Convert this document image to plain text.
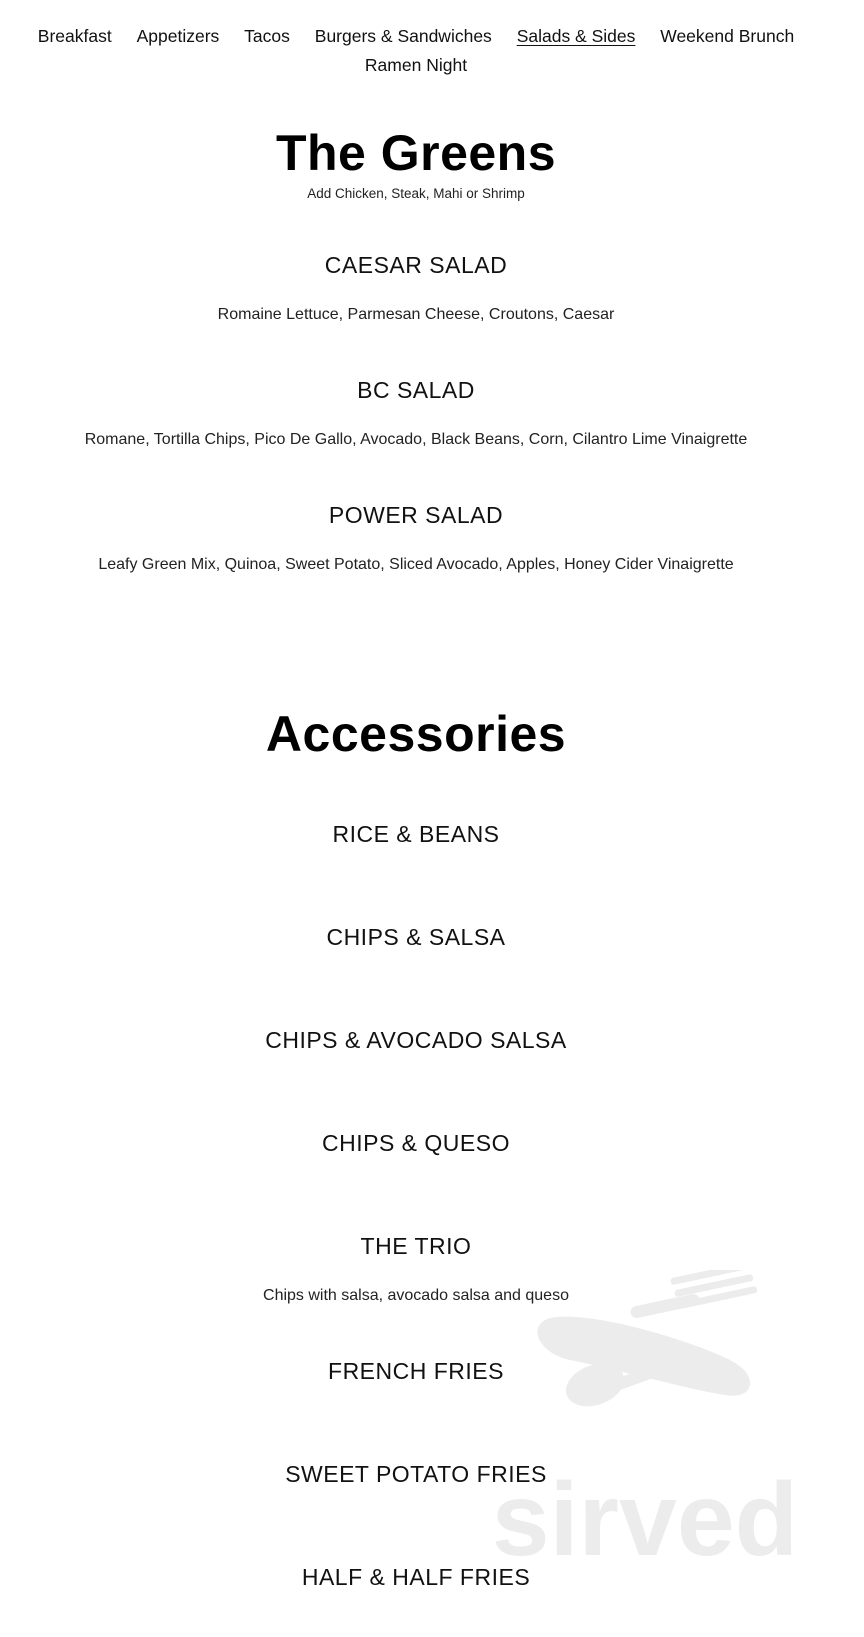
Breakfast Appetizers Tacos Burgers & Sandwiches Salads & Sides Weekend Brunch
Ramen Night
The Greens
Add Chicken, Steak, Mahi or Shrimp
CAESAR SALAD
Romaine Lettuce, Parmesan Cheese, Croutons, Caesar
BC SALAD
Romane, Tortilla Chips, Pico De Gallo, Avocado, Black Beans, Corn, Cilantro Lime Vinaigrette
POWER SALAD
Leafy Green Mix, Quinoa, Sweet Potato, Sliced Avocado, Apples, Honey Cider Vinaigrette
Accessories
RICE & BEANS
CHIPS & SALSA
CHIPS & AVOCADO SALSA
CHIPS & QUESO
THE TRIO
Chips with salsa, avocado salsa and queso
FRENCH FRIES
SWEET POTATO FRIES
HALF & HALF FRIES
sirved
